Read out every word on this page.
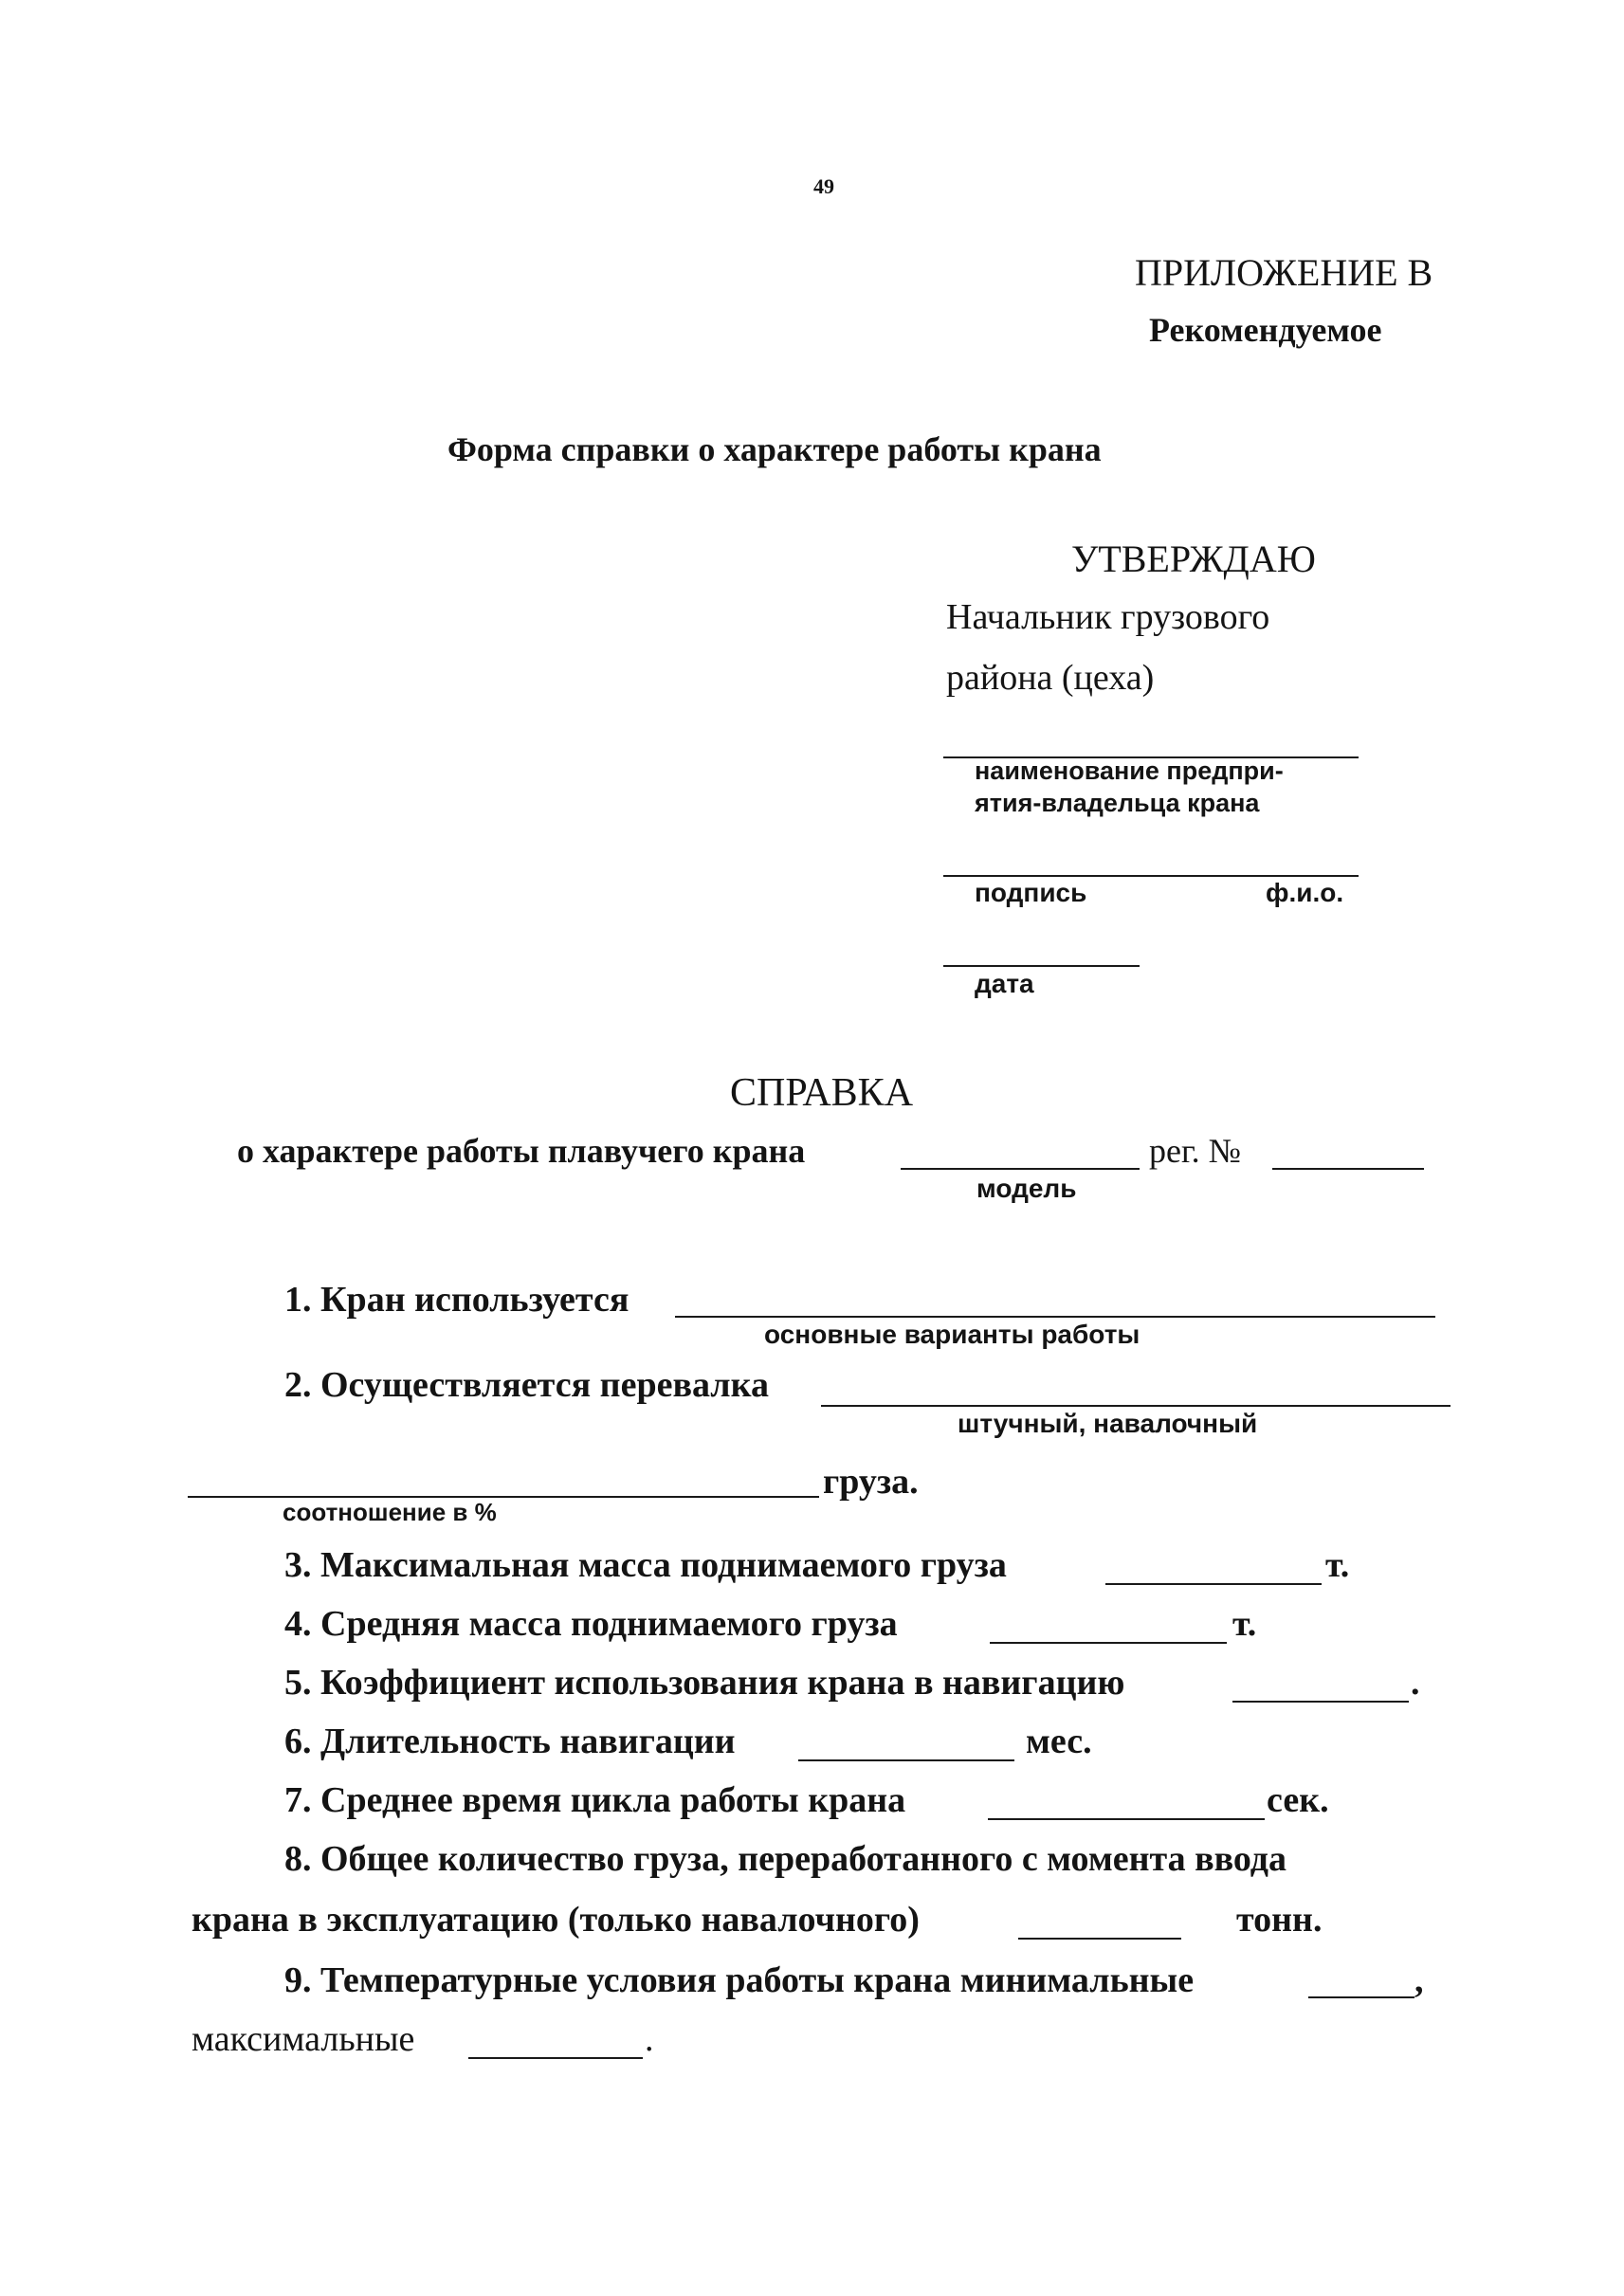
49
ПРИЛОЖЕНИЕ В
Рекомендуемое
Форма справки о характере работы крана
УТВЕРЖДАЮ
Начальник грузового
района (цеха)
наименование предпри-
ятия-владельца крана
подпись	ф.и.о.
дата
СПРАВКА
о характере работы плавучего крана	рег. №
модель
1. Кран используется
основные варианты работы
2. Осуществляется перевалка
штучный, навалочный
груза.
соотношение в %
3. Максимальная масса поднимаемого груза	т.
4. Средняя масса поднимаемого груза	т.
5. Коэффициент использования крана в навигацию	.
6. Длительность навигации	мес.
7. Среднее время цикла работы крана	сек.
8. Общее количество груза, переработанного с момента ввода
крана в эксплуатацию (только навалочного)	тонн.
9. Температурные условия работы крана минимальные	,
максимальные	.
